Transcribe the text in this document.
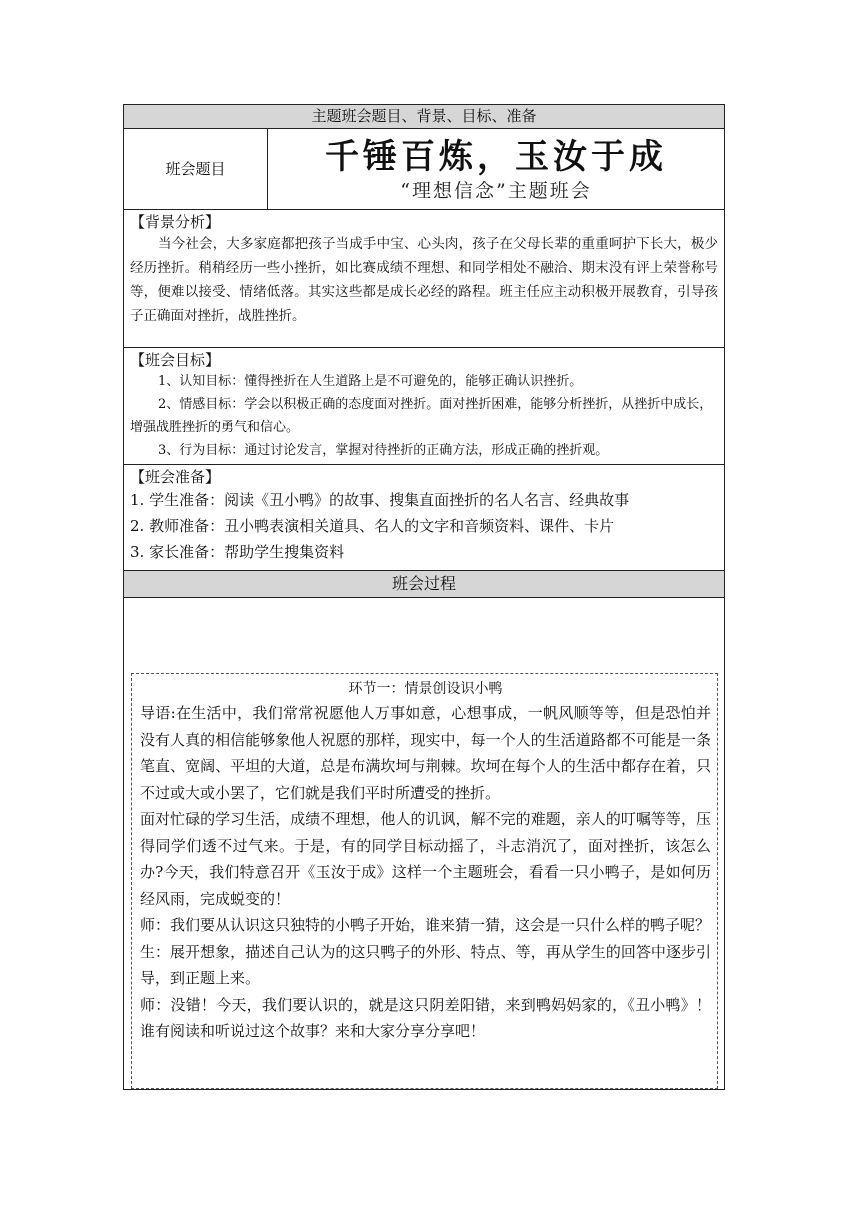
主题班会题目、背景、目标、准备
班会题目	千锤百炼，玉汝于成
“理想信念”主题班会
【背景分析】
当今社会，大多家庭都把孩子当成手中宝、心头肉，孩子在父母长辈的重重呵护下长大，极少经历挫折。稍稍经历一些小挫折，如比赛成绩不理想、和同学相处不融洽、期末没有评上荣誉称号等，便难以接受、情绪低落。其实这些都是成长必经的路程。班主任应主动积极开展教育，引导孩子正确面对挫折，战胜挫折。
【班会目标】
1、认知目标：懂得挫折在人生道路上是不可避免的，能够正确认识挫折。
2、情感目标：学会以积极正确的态度面对挫折。面对挫折困难，能够分析挫折，从挫折中成长，增强战胜挫折的勇气和信心。
3、行为目标：通过讨论发言，掌握对待挫折的正确方法，形成正确的挫折观。
【班会准备】
1. 学生准备：阅读《丑小鸭》的故事、搜集直面挫折的名人名言、经典故事
2. 教师准备：丑小鸭表演相关道具、名人的文字和音频资料、课件、卡片
3. 家长准备：帮助学生搜集资料
班会过程
环节一：情景创设识小鸭

导语:在生活中，我们常常祝愿他人万事如意，心想事成，一帆风顺等等，但是恐怕并没有人真的相信能够象他人祝愿的那样，现实中，每一个人的生活道路都不可能是一条笔直、宽阔、平坦的大道，总是布满坎坷与荆棘。坎坷在每个人的生活中都存在着，只不过或大或小罢了，它们就是我们平时所遭受的挫折。

面对忙碌的学习生活，成绩不理想，他人的讥讽，解不完的难题，亲人的叮嘱等等，压得同学们透不过气来。于是，有的同学目标动摇了，斗志消沉了，面对挫折，该怎么办?今天，我们特意召开《玉汝于成》这样一个主题班会，看看一只小鸭子，是如何历经风雨，完成蜕变的！

师：我们要从认识这只独特的小鸭子开始，谁来猜一猜，这会是一只什么样的鸭子呢？

生：展开想象，描述自己认为的这只鸭子的外形、特点、等，再从学生的回答中逐步引导，到正题上来。

师：没错！今天，我们要认识的，就是这只阴差阳错，来到鸭妈妈家的，《丑小鸭》！谁有阅读和听说过这个故事？来和大家分享分享吧！
